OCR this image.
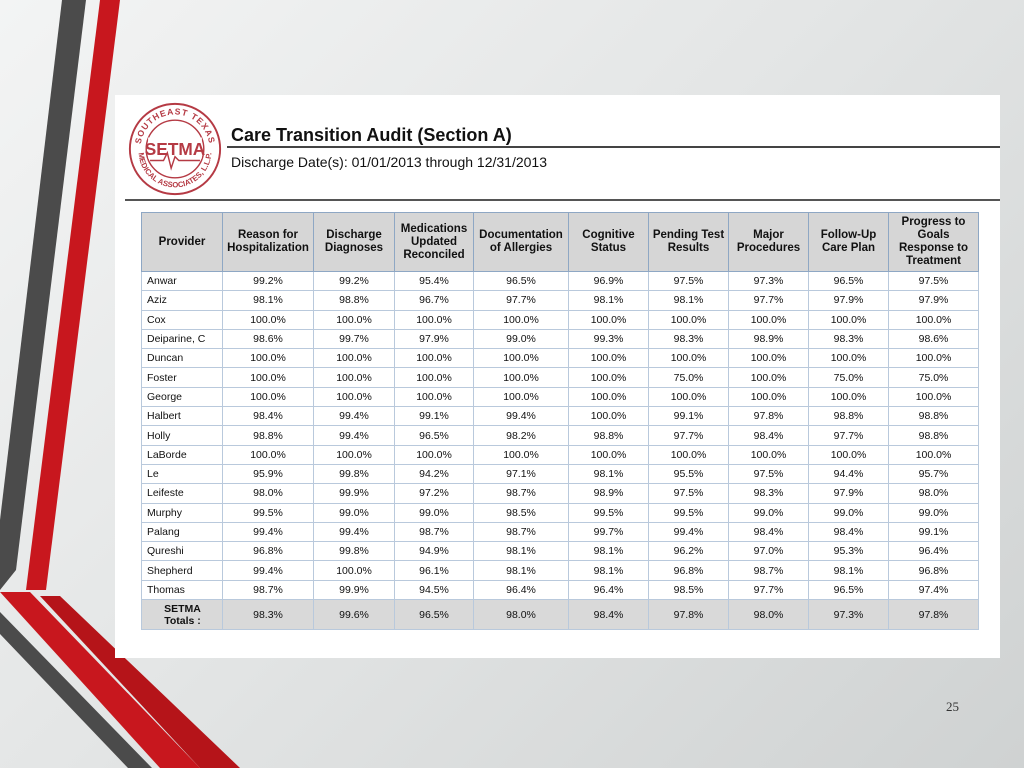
SOUTHEAST TEXAS
MEDICAL ASSOCIATES, L.L.P.
SETMA
Care Transition Audit (Section A)
Discharge Date(s): 01/01/2013 through 12/31/2013
Provider	Reason for Hospitalization	Discharge Diagnoses	Medications Updated Reconciled	Documentation of Allergies	Cognitive Status	Pending Test Results	Major Procedures	Follow-Up Care Plan	Progress to Goals Response to Treatment
Anwar	99.2%	99.2%	95.4%	96.5%	96.9%	97.5%	97.3%	96.5%	97.5%
Aziz	98.1%	98.8%	96.7%	97.7%	98.1%	98.1%	97.7%	97.9%	97.9%
Cox	100.0%	100.0%	100.0%	100.0%	100.0%	100.0%	100.0%	100.0%	100.0%
Deiparine, C	98.6%	99.7%	97.9%	99.0%	99.3%	98.3%	98.9%	98.3%	98.6%
Duncan	100.0%	100.0%	100.0%	100.0%	100.0%	100.0%	100.0%	100.0%	100.0%
Foster	100.0%	100.0%	100.0%	100.0%	100.0%	75.0%	100.0%	75.0%	75.0%
George	100.0%	100.0%	100.0%	100.0%	100.0%	100.0%	100.0%	100.0%	100.0%
Halbert	98.4%	99.4%	99.1%	99.4%	100.0%	99.1%	97.8%	98.8%	98.8%
Holly	98.8%	99.4%	96.5%	98.2%	98.8%	97.7%	98.4%	97.7%	98.8%
LaBorde	100.0%	100.0%	100.0%	100.0%	100.0%	100.0%	100.0%	100.0%	100.0%
Le	95.9%	99.8%	94.2%	97.1%	98.1%	95.5%	97.5%	94.4%	95.7%
Leifeste	98.0%	99.9%	97.2%	98.7%	98.9%	97.5%	98.3%	97.9%	98.0%
Murphy	99.5%	99.0%	99.0%	98.5%	99.5%	99.5%	99.0%	99.0%	99.0%
Palang	99.4%	99.4%	98.7%	98.7%	99.7%	99.4%	98.4%	98.4%	99.1%
Qureshi	96.8%	99.8%	94.9%	98.1%	98.1%	96.2%	97.0%	95.3%	96.4%
Shepherd	99.4%	100.0%	96.1%	98.1%	98.1%	96.8%	98.7%	98.1%	96.8%
Thomas	98.7%	99.9%	94.5%	96.4%	96.4%	98.5%	97.7%	96.5%	97.4%

SETMA
Totals :	98.3%	99.6%	96.5%	98.0%	98.4%	97.8%	98.0%	97.3%	97.8%
25
